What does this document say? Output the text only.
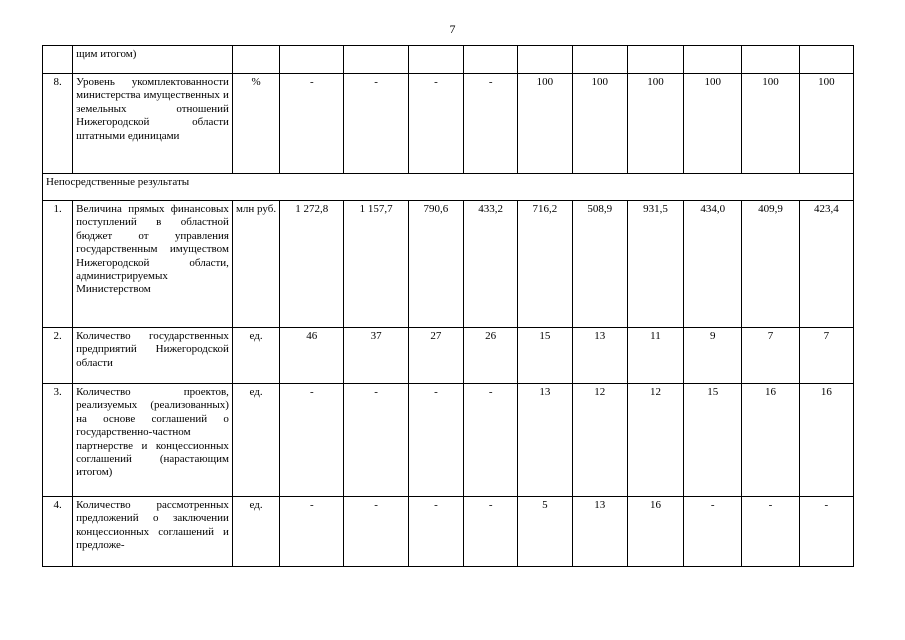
7
	щим итогом)											
8.	Уровень укомплектованности министерства имущественных и земельных отношений Нижегородской области штатными единицами	%	-	-	-	-	100	100	100	100	100	100
Непосредственные результаты												
1.	Величина прямых финансовых поступлений в областной бюджет от управления государственным имуществом Нижегородской области, администрируемых Министерством	млн руб.	1 272,8	1 157,7	790,6	433,2	716,2	508,9	931,5	434,0	409,9	423,4
2.	Количество государственных предприятий Нижегородской области	ед.	46	37	27	26	15	13	11	9	7	7
3.	Количество проектов, реализуемых (реализованных) на основе соглашений о государственно-частном партнерстве и концессионных соглашений (нарастающим итогом)	ед.	-	-	-	-	13	12	12	15	16	16
4.	Количество рассмотренных предложений о заключении концессионных соглашений и предложе-	ед.	-	-	-	-	5	13	16	-	-	-
